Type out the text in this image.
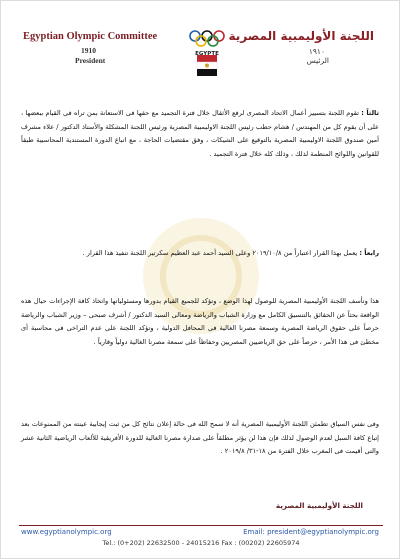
Egyptian Olympic Committee
1910
President
EGYPTE
اللجنة الأوليمبية المصرية
١٩١٠
الرئيس
ثالثاً : تقوم اللجنة بتسيير أعمال الاتحاد المصرى لرفع الأثقال خلال فترة التجميد مع حقها فى الاستعانة بمن تراه فى القيام ببعضها ، على أن يقوم كل من المهندس / هشام حطب رئيس اللجنة الاوليمبية المصرية ورئيس اللجنة المشكلة والأستاذ الدكتور / علاء مشرف أمين صندوق اللجنة الاوليمبية المصرية بالتوقيع على الشيكات ، وفق مقتضيات الحاجة ، مع اتباع الدورة المستندية المحاسبية طبقاً للقوانين واللوائح المنظمة لذلك ، وذلك كله خلال فترة التجميد .
رابعاً : يعمل بهذا القرار اعتباراً من ٢٠١٩/١٠/٨ وعلى السيد أحمد عبد العظيم سكرتير اللجنة تنفيذ هذا القرار .
هذا وتأسف اللجنة الأوليمبية المصرية للوصول لهذا الوضع ، وتؤكد للجميع القيام بدورها ومسئولياتها واتخاذ كافة الإجراءات حيال هذه الواقعة بحثاً عن الحقائق بالتنسيق الكامل مع وزارة الشباب والرياضة ومعالى السيد الدكتور / أشرف صبحى – وزير الشباب والرياضة حرصاً على حقوق الرياضة المصرية وسمعة مصرنا الغالية فى المحافل الدولية ، وتؤكد اللجنة على عدم التراخى فى محاسبة أى مخطئ فى هذا الأمر ، حرصاً على حق الرياضيين المصريين وحفاظاً على سمعة مصرنا الغالية دولياً وقارياً .
وفى نفس السياق تطمئن اللجنة الأوليمبية المصرية أنه لا سمح الله فى حالة إعلان نتائج كل من ثبت إيجابية عينته من الممنوعات بعد إتباع كافة السبل لعدم الوصول لذلك فإن هذا لن يؤثر مطلقاً على صدارة مصرنا الغالية للدورة الأفريقية للألعاب الرياضية الثانية عشر والتى أقيمت فى المغرب خلال الفترة من ١٨-٣١/ ٢٠١٩/٨ .
اللجنة الأوليمبية المصرية
www.egyptianolympic.org	Email: president@egyptianolympic.org
Tel.: (0+202) 22632500 - 24015216 Fax : (00202) 22605974
